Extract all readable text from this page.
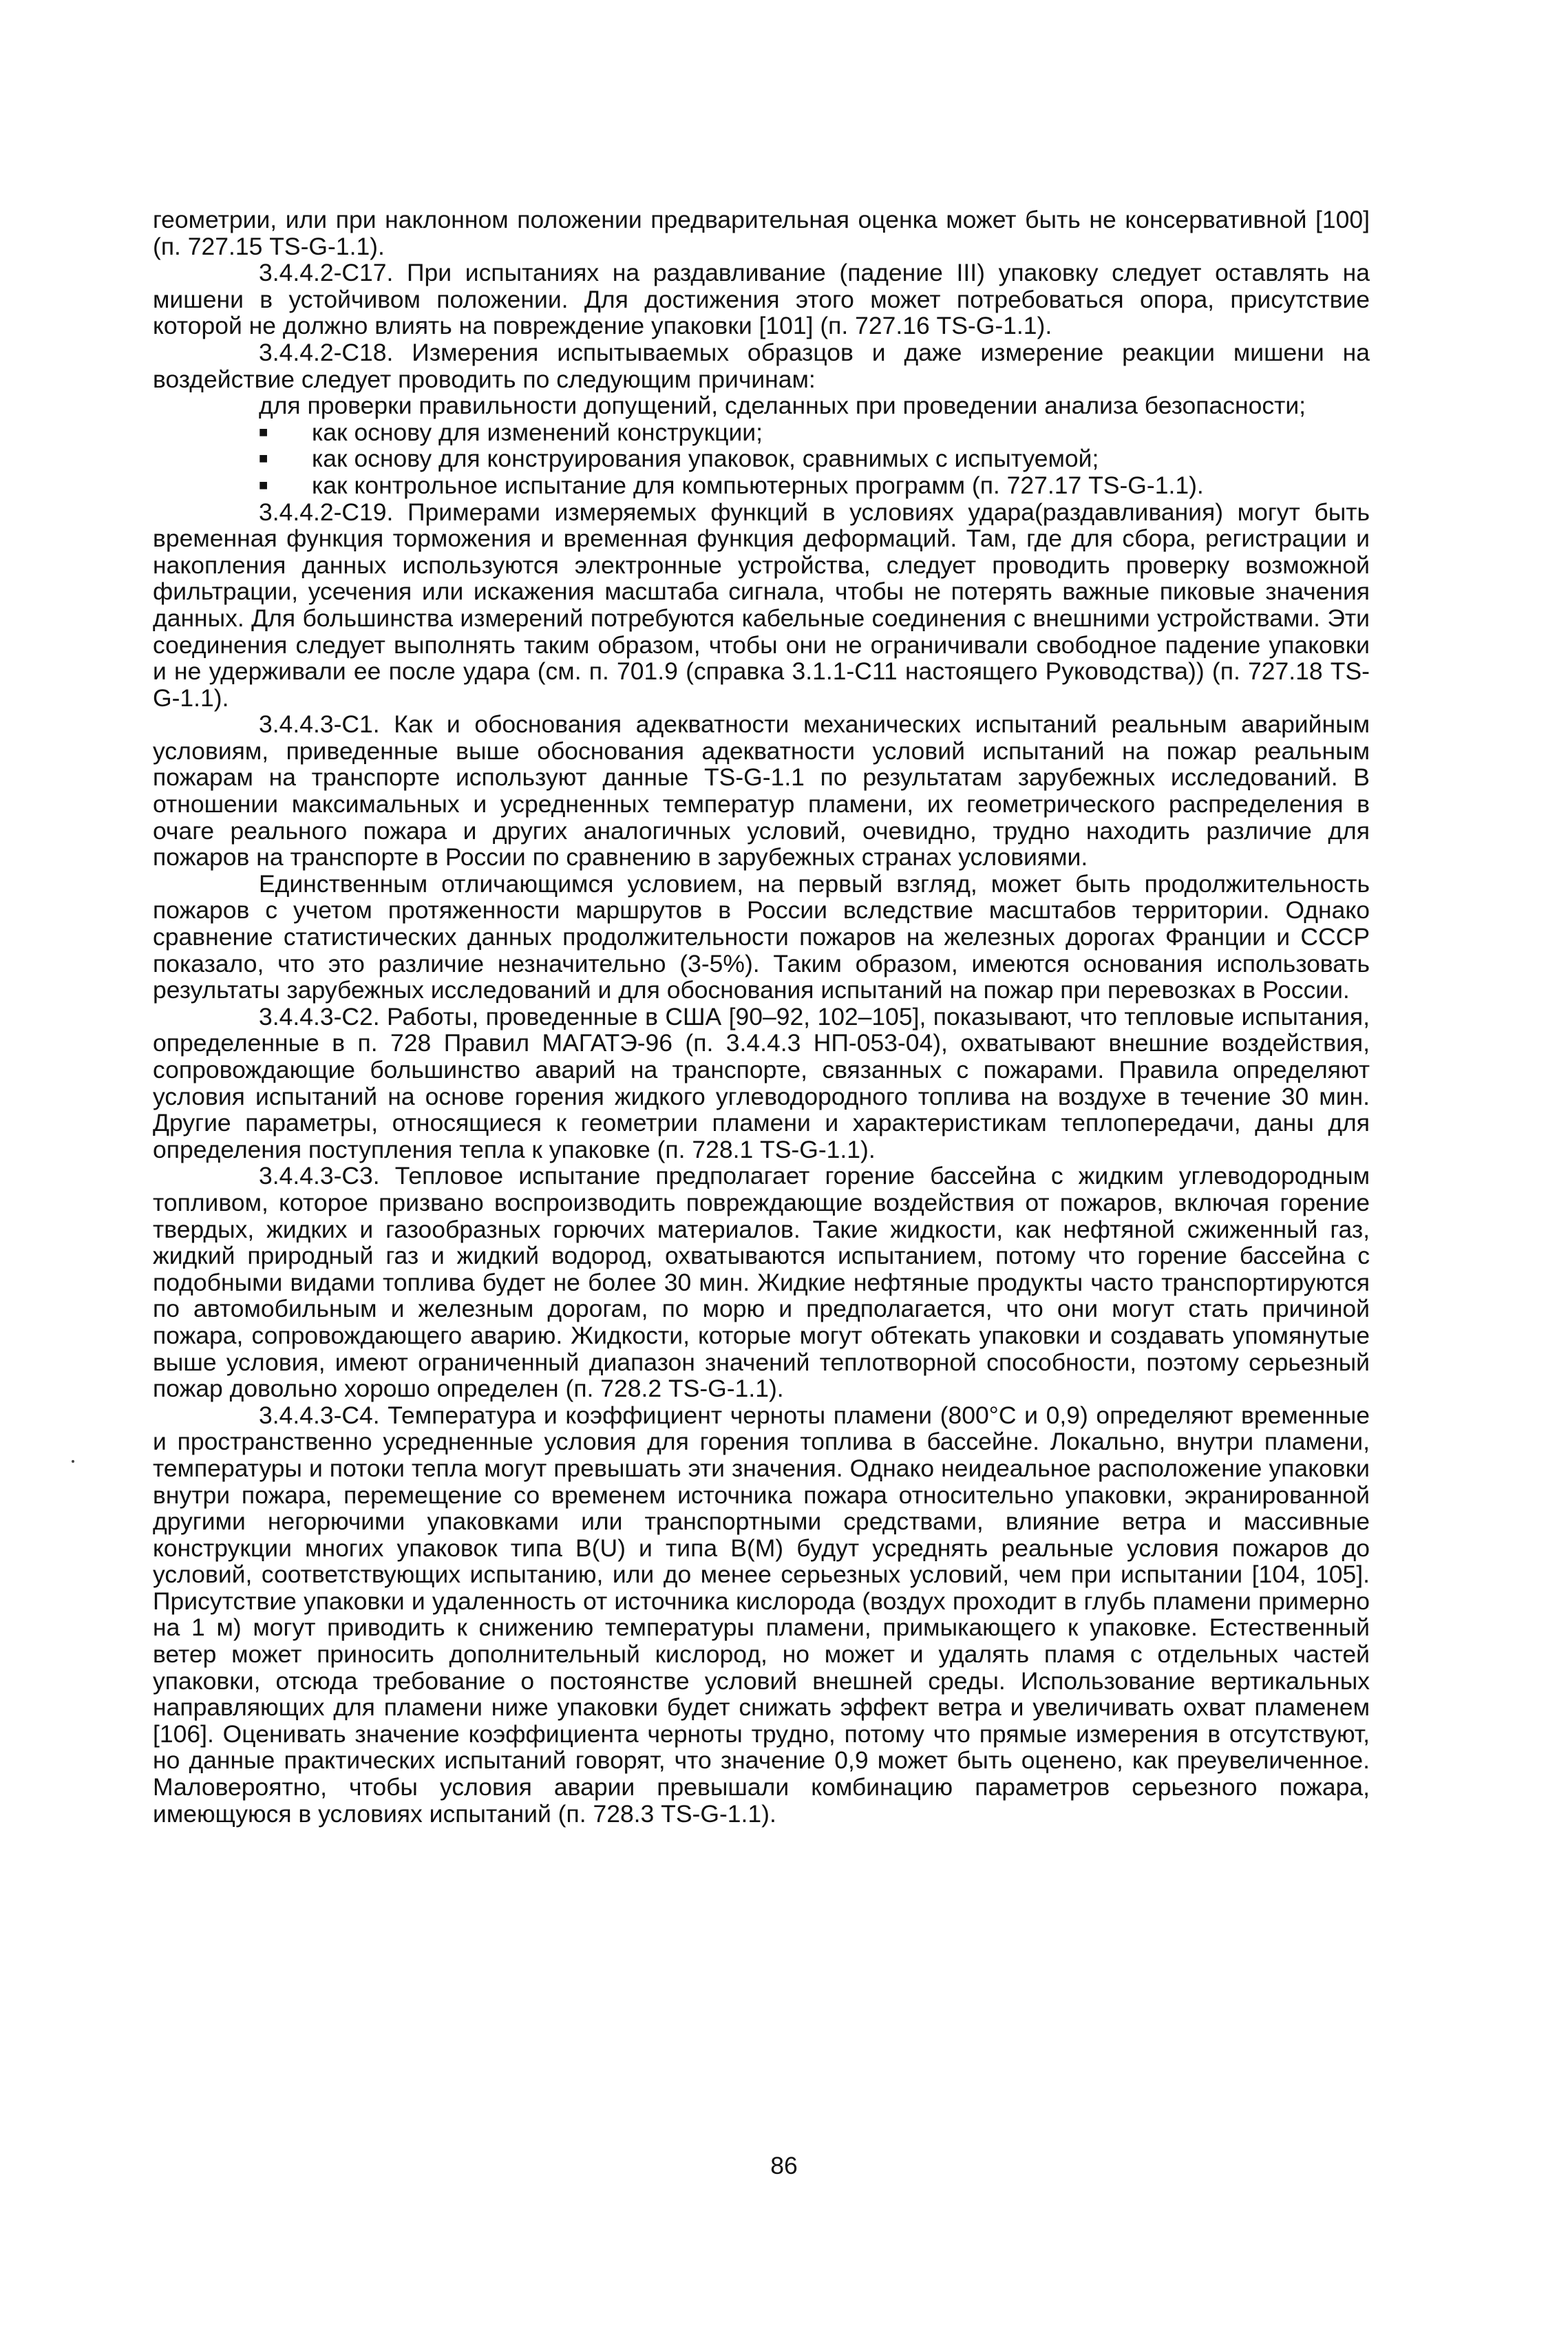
геометрии, или при наклонном положении предварительная оценка может быть не консервативной [100] (п. 727.15 TS-G-1.1).

3.4.4.2-С17. При испытаниях на раздавливание (падение III) упаковку следует оставлять на мишени в устойчивом положении. Для достижения этого может потребоваться опора, присутствие которой не должно влиять на повреждение упаковки [101] (п. 727.16 TS-G-1.1).

3.4.4.2-С18. Измерения испытываемых образцов и даже измерение реакции мишени на воздействие следует проводить по следующим причинам:

для проверки правильности допущений, сделанных при проведении анализа безопасности;

■ как основу для изменений конструкции;
■ как основу для конструирования упаковок, сравнимых с испытуемой;
■ как контрольное испытание для компьютерных программ (п. 727.17 TS-G-1.1).

3.4.4.2-С19. Примерами измеряемых функций в условиях удара(раздавливания) могут быть временная функция торможения и временная функция деформаций. Там, где для сбора, регистрации и накопления данных используются электронные устройства, следует проводить проверку возможной фильтрации, усечения или искажения масштаба сигнала, чтобы не потерять важные пиковые значения данных. Для большинства измерений потребуются кабельные соединения с внешними устройствами. Эти соединения следует выполнять таким образом, чтобы они не ограничивали свободное падение упаковки и не удерживали ее после удара (см. п. 701.9 (справка 3.1.1-С11 настоящего Руководства)) (п. 727.18 TS-G-1.1).

3.4.4.3-С1. Как и обоснования адекватности механических испытаний реальным аварийным условиям, приведенные выше обоснования адекватности условий испытаний на пожар реальным пожарам на транспорте используют данные TS-G-1.1 по результатам зарубежных исследований. В отношении максимальных и усредненных температур пламени, их геометрического распределения в очаге реального пожара и других аналогичных условий, очевидно, трудно находить различие для пожаров на транспорте в России по сравнению в зарубежных странах условиями.

Единственным отличающимся условием, на первый взгляд, может быть продолжительность пожаров с учетом протяженности маршрутов в России вследствие масштабов территории. Однако сравнение статистических данных продолжительности пожаров на железных дорогах Франции и СССР показало, что это различие незначительно (3-5%). Таким образом, имеются основания использовать результаты зарубежных исследований и для обоснования испытаний на пожар при перевозках в России.

3.4.4.3-С2. Работы, проведенные в США [90–92, 102–105], показывают, что тепловые испытания, определенные в п. 728 Правил МАГАТЭ-96 (п. 3.4.4.3 НП-053-04), охватывают внешние воздействия, сопровождающие большинство аварий на транспорте, связанных с пожарами. Правила определяют условия испытаний на основе горения жидкого углеводородного топлива на воздухе в течение 30 мин. Другие параметры, относящиеся к геометрии пламени и характеристикам теплопередачи, даны для определения поступления тепла к упаковке (п. 728.1 TS-G-1.1).

3.4.4.3-С3. Тепловое испытание предполагает горение бассейна с жидким углеводородным топливом, которое призвано воспроизводить повреждающие воздействия от пожаров, включая горение твердых, жидких и газообразных горючих материалов. Такие жидкости, как нефтяной сжиженный газ, жидкий природный газ и жидкий водород, охватываются испытанием, потому что горение бассейна с подобными видами топлива будет не более 30 мин. Жидкие нефтяные продукты часто транспортируются по автомобильным и железным дорогам, по морю и предполагается, что они могут стать причиной пожара, сопровождающего аварию. Жидкости, которые могут обтекать упаковки и создавать упомянутые выше условия, имеют ограниченный диапазон значений теплотворной способности, поэтому серьезный пожар довольно хорошо определен (п. 728.2 TS-G-1.1).

3.4.4.3-С4. Температура и коэффициент черноты пламени (800°С и 0,9) определяют временные и пространственно усредненные условия для горения топлива в бассейне. Локально, внутри пламени, температуры и потоки тепла могут превышать эти значения. Однако неидеальное расположение упаковки внутри пожара, перемещение со временем источника пожара относительно упаковки, экранированной другими негорючими упаковками или транспортными средствами, влияние ветра и массивные конструкции многих упаковок типа В(U) и типа В(М) будут усреднять реальные условия пожаров до условий, соответствующих испытанию, или до менее серьезных условий, чем при испытании [104, 105]. Присутствие упаковки и удаленность от источника кислорода (воздух проходит в глубь пламени примерно на 1 м) могут приводить к снижению температуры пламени, примыкающего к упаковке. Естественный ветер может приносить дополнительный кислород, но может и удалять пламя с отдельных частей упаковки, отсюда требование о постоянстве условий внешней среды. Использование вертикальных направляющих для пламени ниже упаковки будет снижать эффект ветра и увеличивать охват пламенем [106]. Оценивать значение коэффициента черноты трудно, потому что прямые измерения в отсутствуют, но данные практических испытаний говорят, что значение 0,9 может быть оценено, как преувеличенное. Маловероятно, чтобы условия аварии превышали комбинацию параметров серьезного пожара, имеющуюся в условиях испытаний (п. 728.3 TS-G-1.1).

86
